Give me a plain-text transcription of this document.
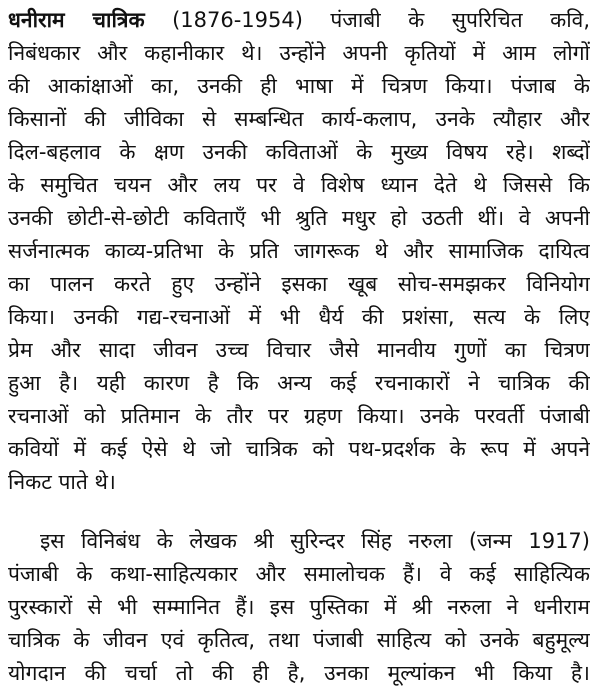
धनीराम चात्रिक (1876-1954) पंजाबी के सुपरिचित कवि,
निबंधकार और कहानीकार थे। उन्होंने अपनी कृतियों में आम लोगों
की आकांक्षाओं का, उनकी ही भाषा में चित्रण किया। पंजाब के
किसानों की जीविका से सम्बन्धित कार्य-कलाप, उनके त्यौहार और
दिल-बहलाव के क्षण उनकी कविताओं के मुख्य विषय रहे। शब्दों
के समुचित चयन और लय पर वे विशेष ध्यान देते थे जिससे कि
उनकी छोटी-से-छोटी कविताएँ भी श्रुति मधुर हो उठती थीं। वे अपनी
सर्जनात्मक काव्य-प्रतिभा के प्रति जागरूक थे और सामाजिक दायित्व
का पालन करते हुए उन्होंने इसका खूब सोच-समझकर विनियोग
किया। उनकी गद्य-रचनाओं में भी धैर्य की प्रशंसा, सत्य के लिए
प्रेम और सादा जीवन उच्च विचार जैसे मानवीय गुणों का चित्रण
हुआ है। यही कारण है कि अन्य कई रचनाकारों ने चात्रिक की
रचनाओं को प्रतिमान के तौर पर ग्रहण किया। उनके परवर्ती पंजाबी
कवियों में कई ऐसे थे जो चात्रिक को पथ-प्रदर्शक के रूप में अपने
निकट पाते थे।
इस विनिबंध के लेखक श्री सुरिन्दर सिंह नरुला (जन्म 1917)
पंजाबी के कथा-साहित्यकार और समालोचक हैं। वे कई साहित्यिक
पुरस्कारों से भी सम्मानित हैं। इस पुस्तिका में श्री नरुला ने धनीराम
चात्रिक के जीवन एवं कृतित्व, तथा पंजाबी साहित्य को उनके बहुमूल्य
योगदान की चर्चा तो की ही है, उनका मूल्यांकन भी किया है।
